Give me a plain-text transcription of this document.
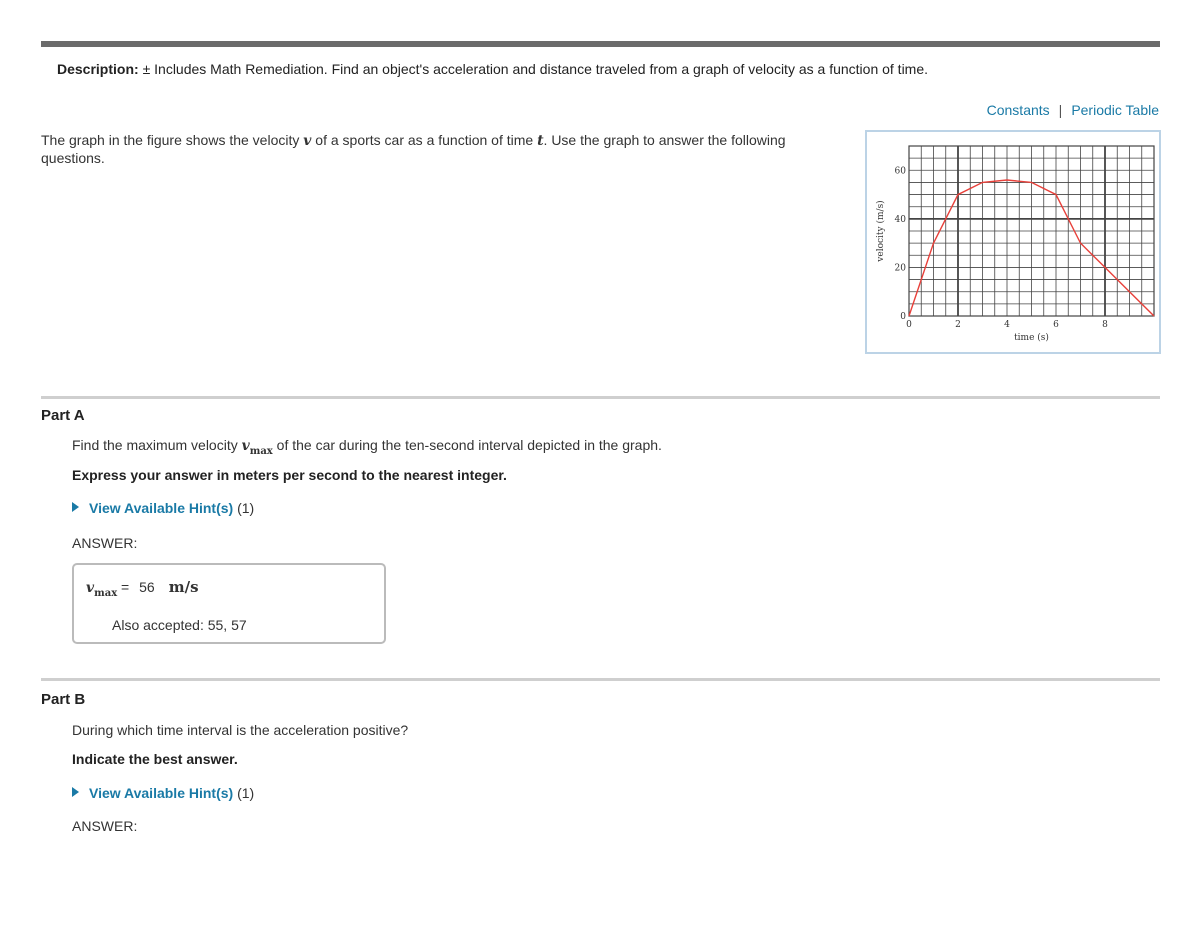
Description: ± Includes Math Remediation. Find an object's acceleration and distance traveled from a graph of velocity as a function of time.
Constants | Periodic Table
The graph in the figure shows the velocity v of a sports car as a function of time t. Use the graph to answer the following questions.
0	2	4	6	8
0
20
40
60
time (s)
velocity (m/s)
Part A
Find the maximum velocity $v_{max}$ of the car during the ten-second interval depicted in the graph.
Express your answer in meters per second to the nearest integer.
View Available Hint(s) (1)
ANSWER:
$v_{max} = 56$ m/s
Also accepted: 55, 57
Part B
During which time interval is the acceleration positive?
Indicate the best answer.
View Available Hint(s) (1)
ANSWER:
